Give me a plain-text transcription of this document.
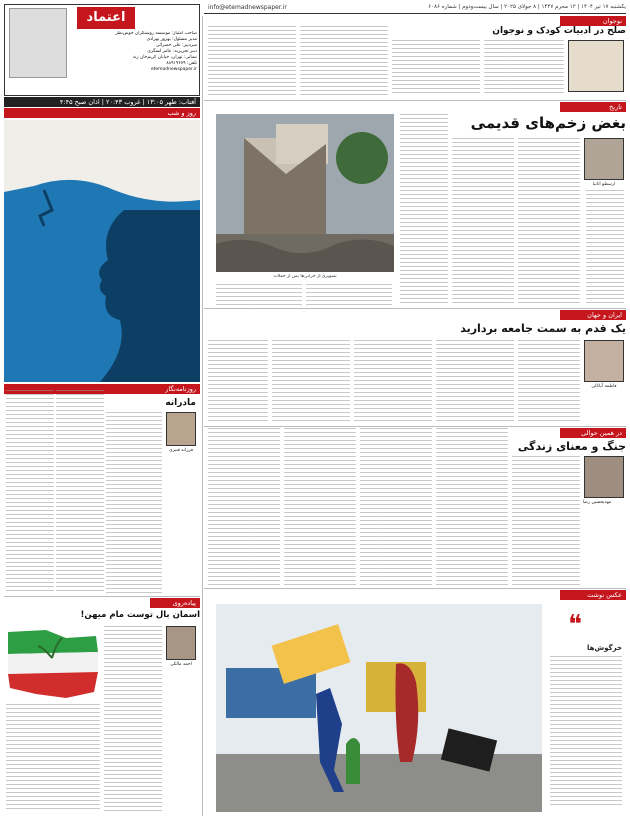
اعتماد
صاحب امتیاز: موسسه روشنگران خوش‌نظر
مدیر مسئول: بهروز بهزادی
سردبیر: علی خضرائی
دبیر تحریریه: عامر لسگری
نشانی: تهران، خیابان کریم‌خان زند
تلفن: ۸۸۹۱۹۶۷۹
etemadnewspaper.ir
آفتاب: ظهر ۱۳:۰۵ | غروب ۲۰:۴۳ | اذان صبح ۴:۴۵
info@etemadnewspaper.ir	یکشنبه ۱۷ تیر ۱۴۰۴ | ۱۲ محرم ۱۴۴۷ | ۸ جولای ۲۰۲۵ | سال بیست‌ودوم | شماره ۶۰۸۶
نوجوان
صلح در ادبیات کودک و نوجوان
روز و شب
روزنامه‌نگار
مادرانه
فرزانه قنبری
پیاده‌روی
آسمان بال توست مام میهن!
احمد مالکی
تاریخ
بغض زخم‌های قدیمی
ارسطو اتانیا
تصویری از خرابی‌ها پس از حملات
ایران و جهان
یک قدم به سمت جامعه بردارید
فاطمه آیاتالی
در همین حوالی
جنگ و معنای زندگی
مهدیحسین رضا
عکس نوشت
❝
خرگوش‌ها
